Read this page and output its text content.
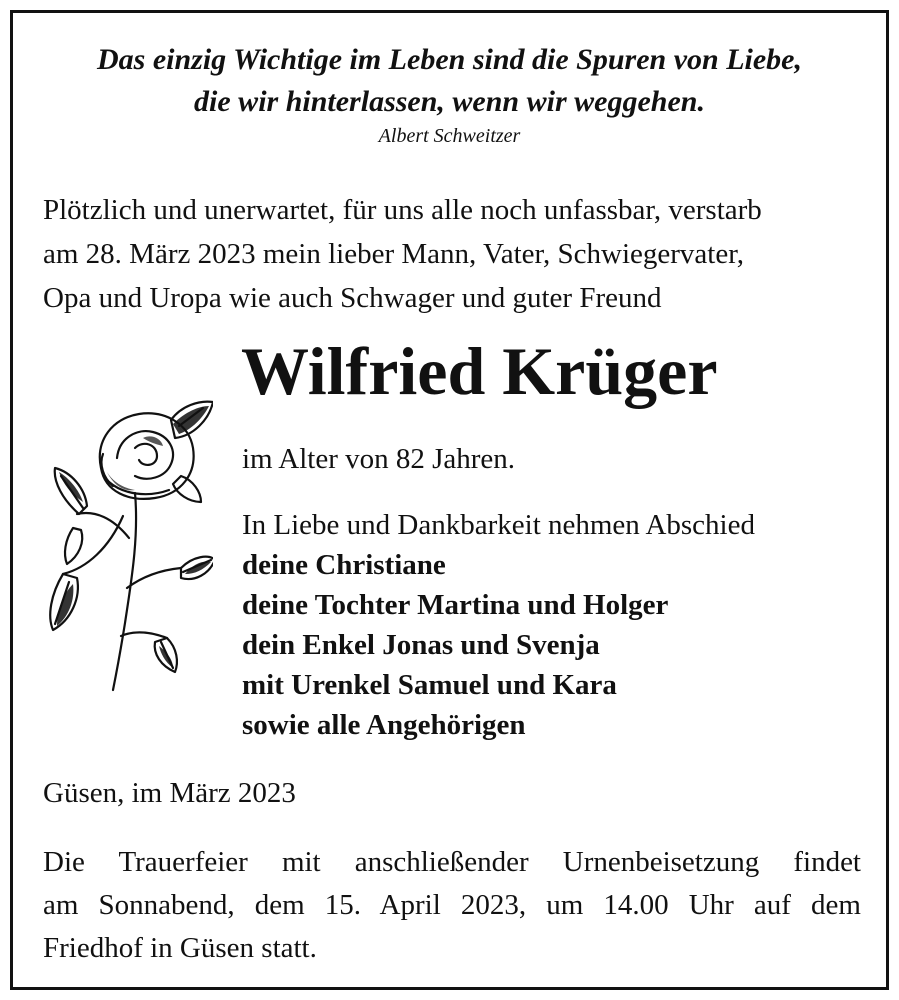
Das einzig Wichtige im Leben sind die Spuren von Liebe,
die wir hinterlassen, wenn wir weggehen.
Albert Schweitzer
Plötzlich und unerwartet, für uns alle noch unfassbar, verstarb
am 28. März 2023 mein lieber Mann, Vater, Schwiegervater,
Opa und Uropa wie auch Schwager und guter Freund
Wilfried Krüger
im Alter von 82 Jahren.
In Liebe und Dankbarkeit nehmen Abschied
deine Christiane
deine Tochter Martina und Holger
dein Enkel Jonas und Svenja
mit Urenkel Samuel und Kara
sowie alle Angehörigen
Güsen, im März 2023
Die Trauerfeier mit anschließender Urnenbeisetzung findet
am Sonnabend, dem 15. April 2023, um 14.00 Uhr auf dem
Friedhof in Güsen statt.
